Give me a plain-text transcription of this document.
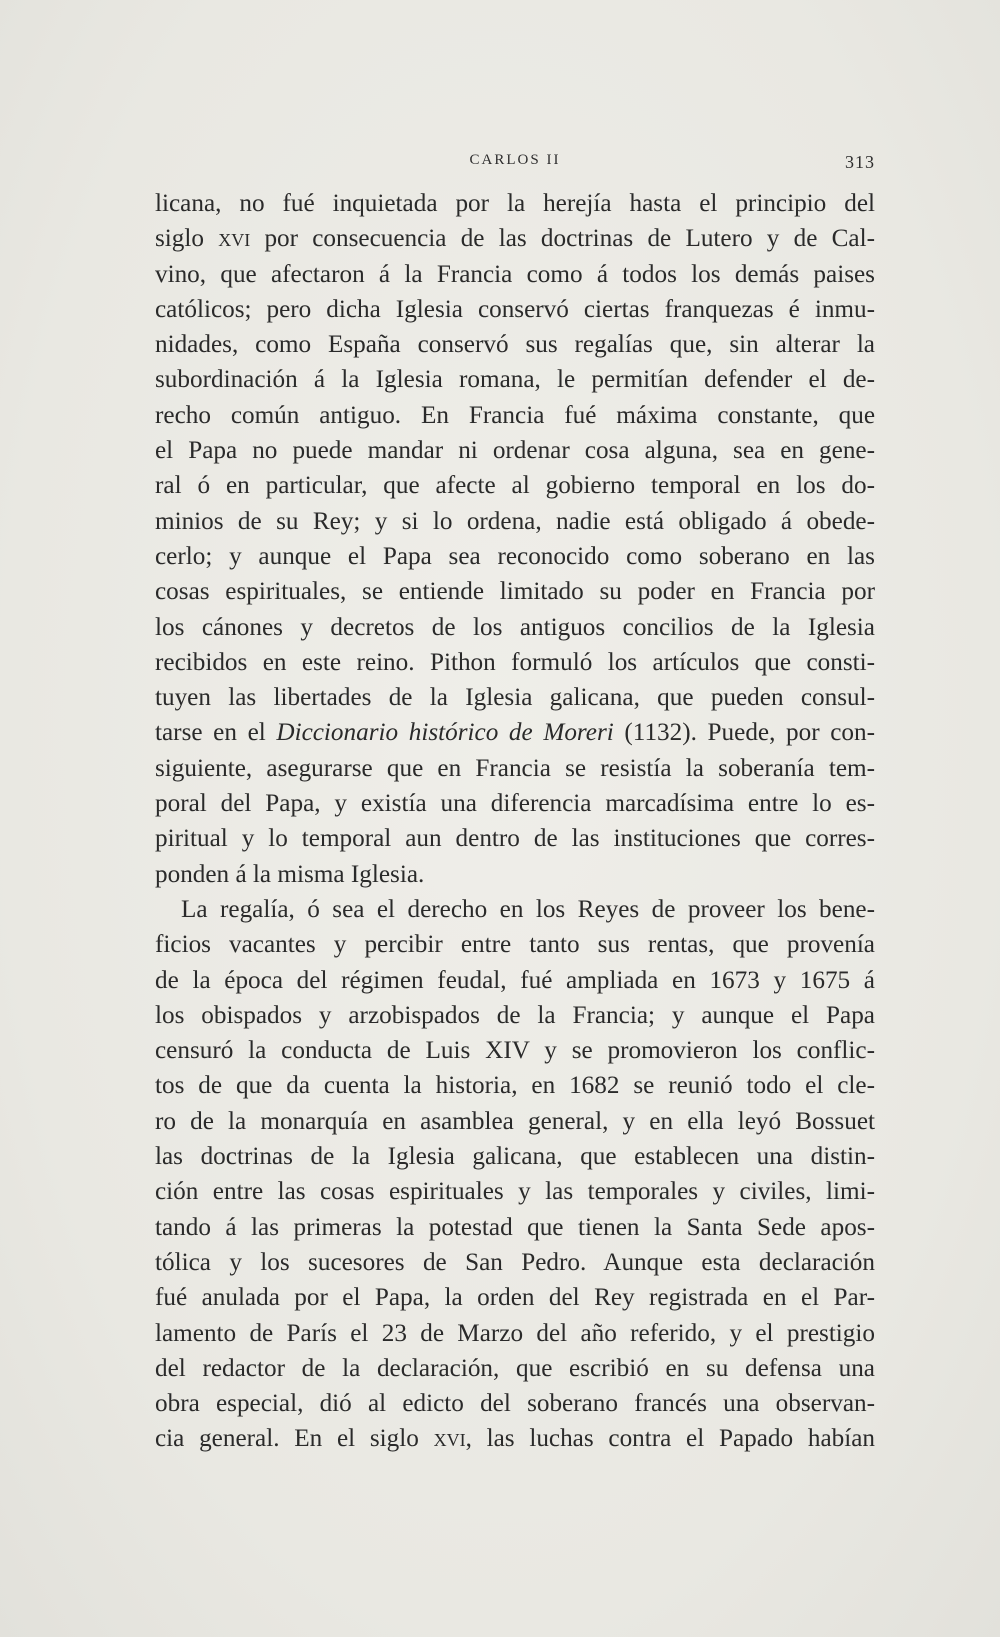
CARLOS II	313
licana, no fué inquietada por la herejía hasta el principio del
siglo xvi por consecuencia de las doctrinas de Lutero y de Cal-
vino, que afectaron á la Francia como á todos los demás paises
católicos; pero dicha Iglesia conservó ciertas franquezas é inmu-
nidades, como España conservó sus regalías que, sin alterar la
subordinación á la Iglesia romana, le permitían defender el de-
recho común antiguo. En Francia fué máxima constante, que
el Papa no puede mandar ni ordenar cosa alguna, sea en gene-
ral ó en particular, que afecte al gobierno temporal en los do-
minios de su Rey; y si lo ordena, nadie está obligado á obede-
cerlo; y aunque el Papa sea reconocido como soberano en las
cosas espirituales, se entiende limitado su poder en Francia por
los cánones y decretos de los antiguos concilios de la Iglesia
recibidos en este reino. Pithon formuló los artículos que consti-
tuyen las libertades de la Iglesia galicana, que pueden consul-
tarse en el Diccionario histórico de Moreri (1132). Puede, por con-
siguiente, asegurarse que en Francia se resistía la soberanía tem-
poral del Papa, y existía una diferencia marcadísima entre lo es-
piritual y lo temporal aun dentro de las instituciones que corres-
ponden á la misma Iglesia.
La regalía, ó sea el derecho en los Reyes de proveer los bene-
ficios vacantes y percibir entre tanto sus rentas, que provenía
de la época del régimen feudal, fué ampliada en 1673 y 1675 á
los obispados y arzobispados de la Francia; y aunque el Papa
censuró la conducta de Luis XIV y se promovieron los conflic-
tos de que da cuenta la historia, en 1682 se reunió todo el cle-
ro de la monarquía en asamblea general, y en ella leyó Bossuet
las doctrinas de la Iglesia galicana, que establecen una distin-
ción entre las cosas espirituales y las temporales y civiles, limi-
tando á las primeras la potestad que tienen la Santa Sede apos-
tólica y los sucesores de San Pedro. Aunque esta declaración
fué anulada por el Papa, la orden del Rey registrada en el Par-
lamento de París el 23 de Marzo del año referido, y el prestigio
del redactor de la declaración, que escribió en su defensa una
obra especial, dió al edicto del soberano francés una observan-
cia general. En el siglo xvi, las luchas contra el Papado habían
